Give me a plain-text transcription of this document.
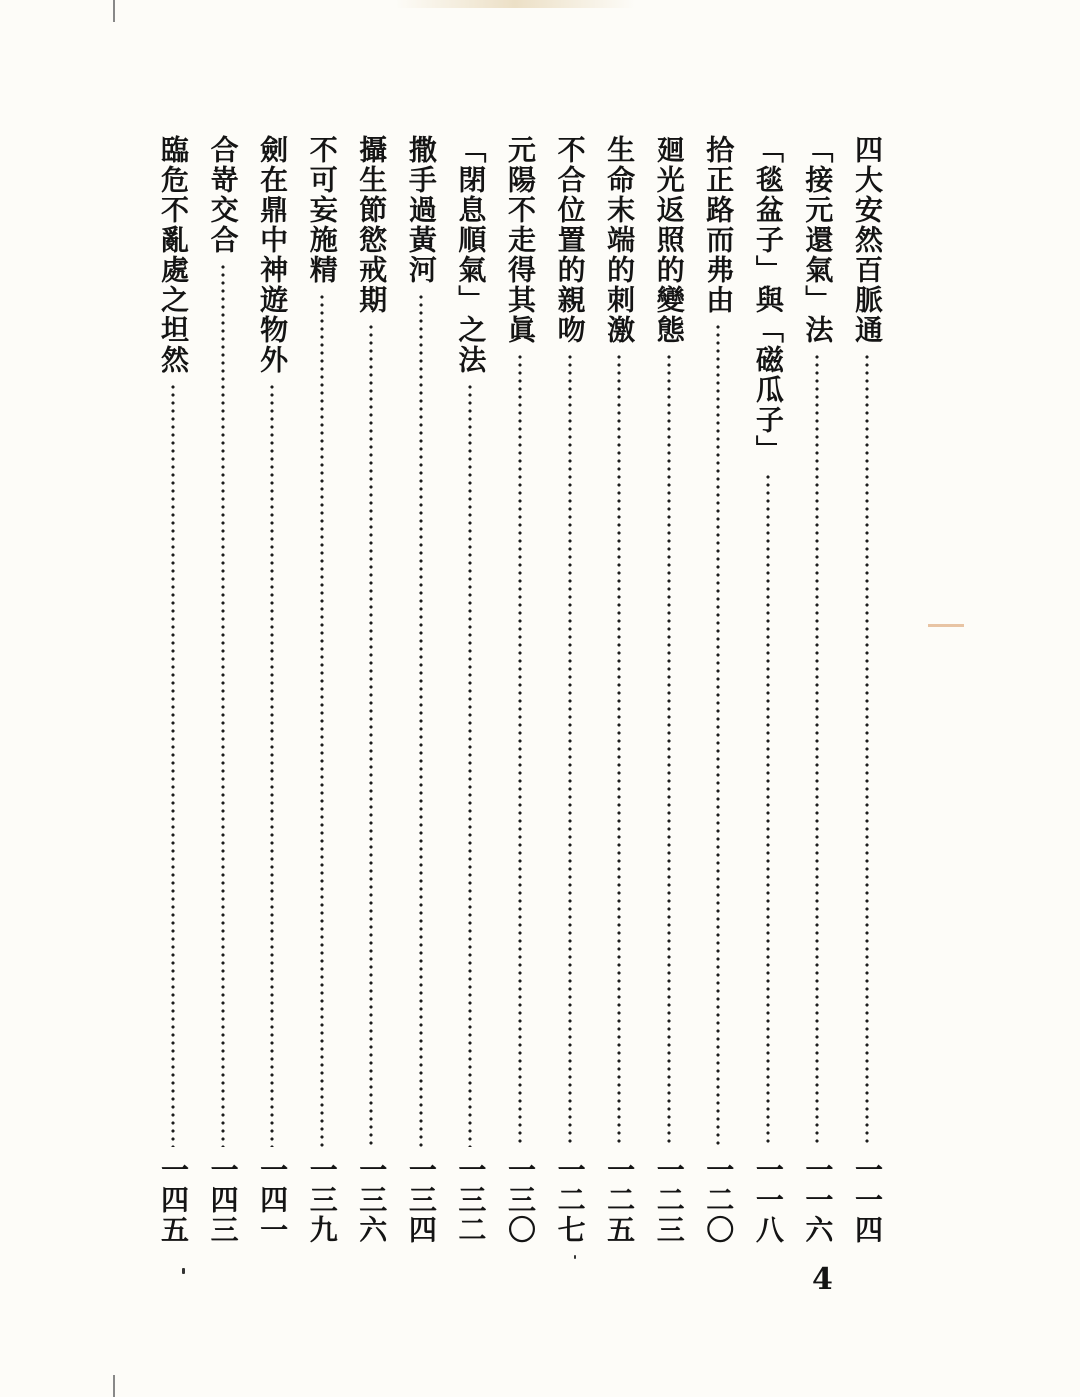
四大安然百脈通
一一四
「接元還氣」法
一一六
「毯盆子」與「磁瓜子」
一一八
拾正路而弗由
一二〇
廻光返照的變態
一二三
生命末端的刺激
一二五
不合位置的親吻
一二七
元陽不走得其眞
一三〇
「閉息順氣」之法
一三二
撒手過黃河
一三四
攝生節慾戒期
一三六
不可妄施精
一三九
劍在鼎中神遊物外
一四一
合嵜交合
一四三
臨危不亂處之坦然
一四五
4
